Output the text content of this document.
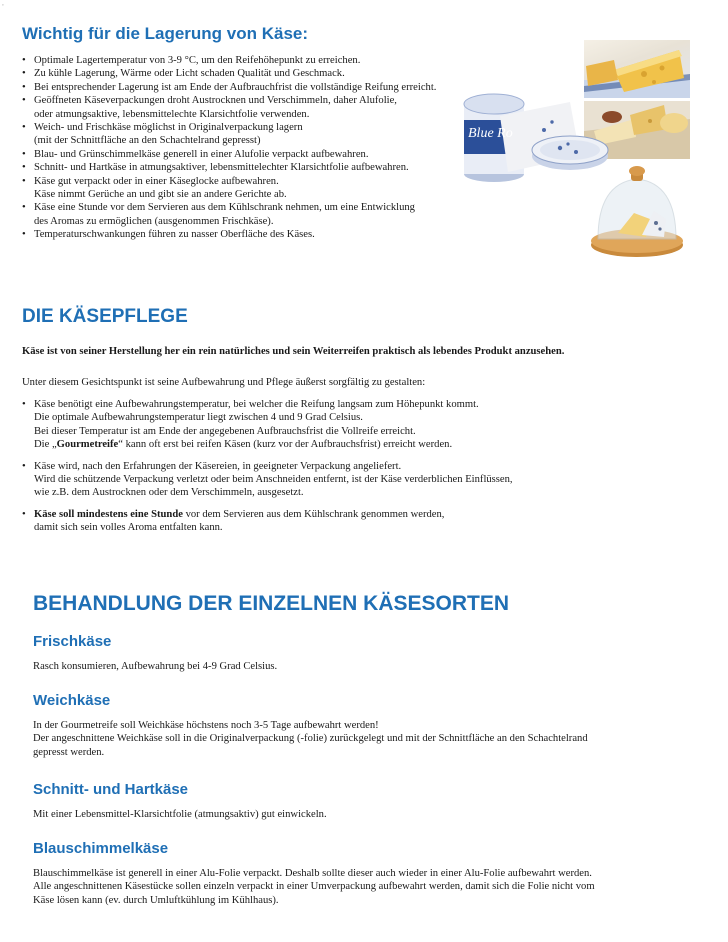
¸
Wichtig für die Lagerung von Käse:
• Optimale Lagertemperatur von 3-9 °C, um den Reifehöhepunkt zu erreichen.
• Zu kühle Lagerung, Wärme oder Licht schaden Qualität und Geschmack.
• Bei entsprechender Lagerung ist am Ende der Aufbrauchfrist die vollständige Reifung erreicht.
• Geöffneten Käseverpackungen droht Austrocknen und Verschimmeln, daher Alufolie,
oder atmungsaktive, lebensmittelechte Klarsichtfolie verwenden.
• Weich- und Frischkäse möglichst in Originalverpackung lagern
(mit der Schnittfläche an den Schachtelrand gepresst)
• Blau- und Grünschimmelkäse generell in einer Alufolie verpackt aufbewahren.
• Schnitt- und Hartkäse in atmungsaktiver, lebensmittelechter Klarsichtfolie aufbewahren.
• Käse gut verpackt oder in einer Käseglocke aufbewahren.
Käse nimmt Gerüche an und gibt sie an andere Gerichte ab.
• Käse eine Stunde vor dem Servieren aus dem Kühlschrank nehmen, um eine Entwicklung
des Aromas zu ermöglichen (ausgenommen Frischkäse).
• Temperaturschwankungen führen zu nasser Oberfläche des Käses.
Blue Ro
DIE KÄSEPFLEGE
Käse ist von seiner Herstellung her ein rein natürliches und sein Weiterreifen praktisch als lebendes Produkt anzusehen.
Unter diesem Gesichtspunkt ist seine Aufbewahrung und Pflege äußerst sorgfältig zu gestalten:
• Käse benötigt eine Aufbewahrungstemperatur, bei welcher die Reifung langsam zum Höhepunkt kommt.
Die optimale Aufbewahrungstemperatur liegt zwischen 4 und 9 Grad Celsius.
Bei dieser Temperatur ist am Ende der angegebenen Aufbrauchsfrist die Vollreife erreicht.
Die „Gourmetreife“ kann oft erst bei reifen Käsen (kurz vor der Aufbrauchsfrist) erreicht werden.
• Käse wird, nach den Erfahrungen der Käsereien, in geeigneter Verpackung angeliefert.
Wird die schützende Verpackung verletzt oder beim Anschneiden entfernt, ist der Käse verderblichen Einflüssen,
wie z.B. dem Austrocknen oder dem Verschimmeln, ausgesetzt.
• Käse soll mindestens eine Stunde vor dem Servieren aus dem Kühlschrank genommen werden,
damit sich sein volles Aroma entfalten kann.
BEHANDLUNG DER EINZELNEN KÄSESORTEN
Frischkäse
Rasch konsumieren, Aufbewahrung bei 4-9 Grad Celsius.
Weichkäse
In der Gourmetreife soll Weichkäse höchstens noch 3-5 Tage aufbewahrt werden!
Der angeschnittene Weichkäse soll in die Originalverpackung (-folie) zurückgelegt und mit der Schnittfläche an den Schachtelrand
gepresst werden.
Schnitt- und Hartkäse
Mit einer Lebensmittel-Klarsichtfolie (atmungsaktiv) gut einwickeln.
Blauschimmelkäse
Blauschimmelkäse ist generell in einer Alu-Folie verpackt. Deshalb sollte dieser auch wieder in einer Alu-Folie aufbewahrt werden.
Alle angeschnittenen Käsestücke sollen einzeln verpackt in einer Umverpackung aufbewahrt werden, damit sich die Folie nicht vom
Käse lösen kann (ev. durch Umluftkühlung im Kühlhaus).
